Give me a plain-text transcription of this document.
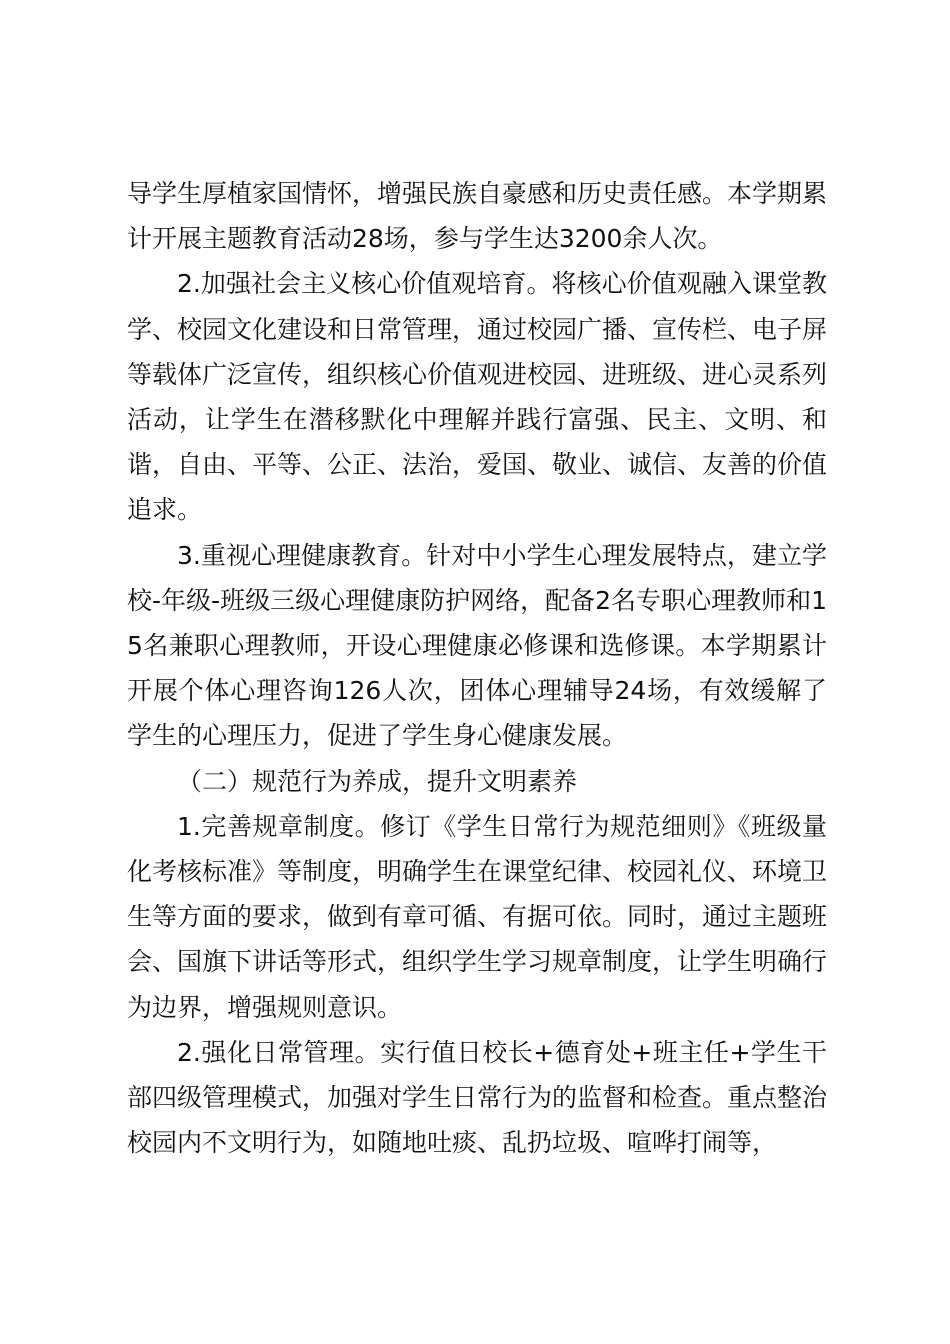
导学生厚植家国情怀，增强民族自豪感和历史责任感。本学期累计开展主题教育活动28场，参与学生达3200余人次。

2.加强社会主义核心价值观培育。将核心价值观融入课堂教学、校园文化建设和日常管理，通过校园广播、宣传栏、电子屏等载体广泛宣传，组织核心价值观进校园、进班级、进心灵系列活动，让学生在潜移默化中理解并践行富强、民主、文明、和谐，自由、平等、公正、法治，爱国、敬业、诚信、友善的价值追求。

3.重视心理健康教育。针对中小学生心理发展特点，建立学校-年级-班级三级心理健康防护网络，配备2名专职心理教师和15名兼职心理教师，开设心理健康必修课和选修课。本学期累计开展个体心理咨询126人次，团体心理辅导24场，有效缓解了学生的心理压力，促进了学生身心健康发展。

（二）规范行为养成，提升文明素养

1.完善规章制度。修订《学生日常行为规范细则》《班级量化考核标准》等制度，明确学生在课堂纪律、校园礼仪、环境卫生等方面的要求，做到有章可循、有据可依。同时，通过主题班会、国旗下讲话等形式，组织学生学习规章制度，让学生明确行为边界，增强规则意识。

2.强化日常管理。实行值日校长+德育处+班主任+学生干部四级管理模式，加强对学生日常行为的监督和检查。重点整治校园内不文明行为，如随地吐痰、乱扔垃圾、喧哗打闹等，
